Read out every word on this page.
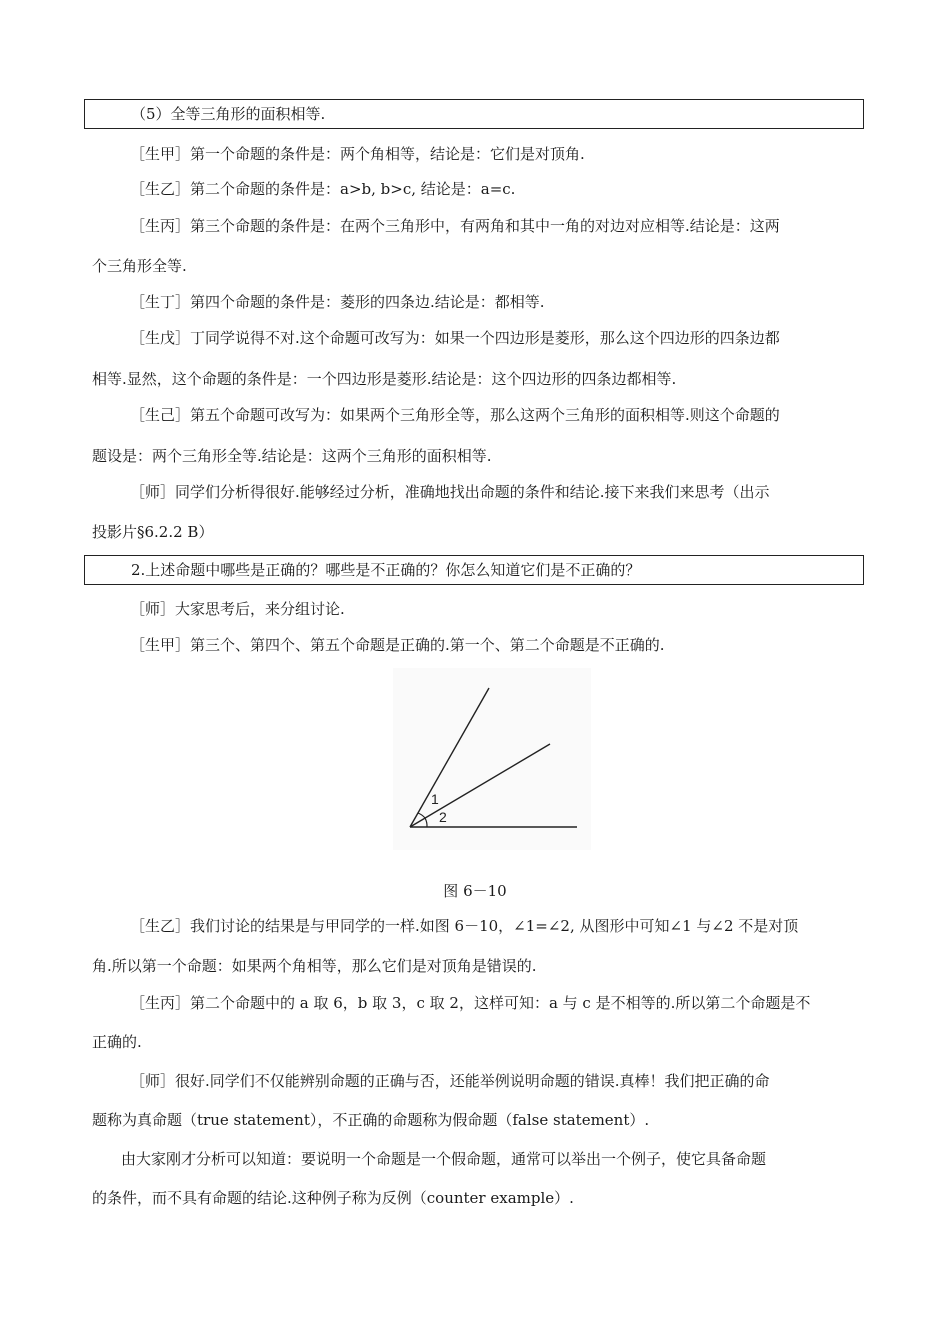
（5）全等三角形的面积相等.
［生甲］第一个命题的条件是：两个角相等，结论是：它们是对顶角.
［生乙］第二个命题的条件是：a>b, b>c, 结论是：a=c.
［生丙］第三个命题的条件是：在两个三角形中，有两角和其中一角的对边对应相等.结论是：这两
个三角形全等.
［生丁］第四个命题的条件是：菱形的四条边.结论是：都相等.
［生戊］丁同学说得不对.这个命题可改写为：如果一个四边形是菱形，那么这个四边形的四条边都
相等.显然，这个命题的条件是：一个四边形是菱形.结论是：这个四边形的四条边都相等.
［生己］第五个命题可改写为：如果两个三角形全等，那么这两个三角形的面积相等.则这个命题的
题设是：两个三角形全等.结论是：这两个三角形的面积相等.
［师］同学们分析得很好.能够经过分析，准确地找出命题的条件和结论.接下来我们来思考（出示
投影片§6.2.2 B）
2.上述命题中哪些是正确的？哪些是不正确的？你怎么知道它们是不正确的？
［师］大家思考后，来分组讨论.
［生甲］第三个、第四个、第五个命题是正确的.第一个、第二个命题是不正确的.
1
2
图 6－10
［生乙］我们讨论的结果是与甲同学的一样.如图 6－10，∠1=∠2, 从图形中可知∠1 与∠2 不是对顶
角.所以第一个命题：如果两个角相等，那么它们是对顶角是错误的.
［生丙］第二个命题中的 a 取 6，b 取 3，c 取 2，这样可知：a 与 c 是不相等的.所以第二个命题是不
正确的.
［师］很好.同学们不仅能辨别命题的正确与否，还能举例说明命题的错误.真棒！我们把正确的命
题称为真命题（true statement），不正确的命题称为假命题（false statement）.
由大家刚才分析可以知道：要说明一个命题是一个假命题，通常可以举出一个例子，使它具备命题
的条件，而不具有命题的结论.这种例子称为反例（counter example）.
